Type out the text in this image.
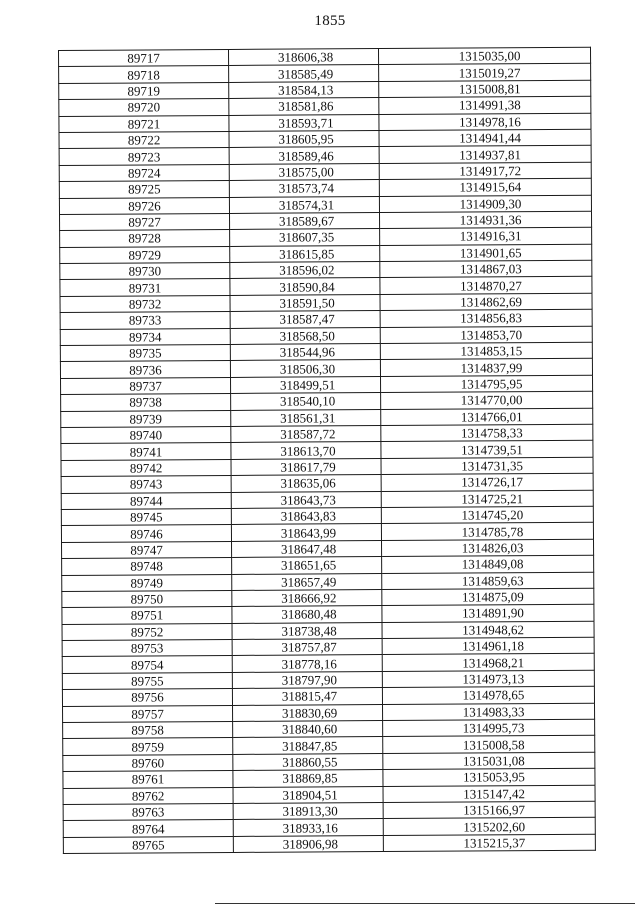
1855
89717	318606,38	1315035,00
89718	318585,49	1315019,27
89719	318584,13	1315008,81
89720	318581,86	1314991,38
89721	318593,71	1314978,16
89722	318605,95	1314941,44
89723	318589,46	1314937,81
89724	318575,00	1314917,72
89725	318573,74	1314915,64
89726	318574,31	1314909,30
89727	318589,67	1314931,36
89728	318607,35	1314916,31
89729	318615,85	1314901,65
89730	318596,02	1314867,03
89731	318590,84	1314870,27
89732	318591,50	1314862,69
89733	318587,47	1314856,83
89734	318568,50	1314853,70
89735	318544,96	1314853,15
89736	318506,30	1314837,99
89737	318499,51	1314795,95
89738	318540,10	1314770,00
89739	318561,31	1314766,01
89740	318587,72	1314758,33
89741	318613,70	1314739,51
89742	318617,79	1314731,35
89743	318635,06	1314726,17
89744	318643,73	1314725,21
89745	318643,83	1314745,20
89746	318643,99	1314785,78
89747	318647,48	1314826,03
89748	318651,65	1314849,08
89749	318657,49	1314859,63
89750	318666,92	1314875,09
89751	318680,48	1314891,90
89752	318738,48	1314948,62
89753	318757,87	1314961,18
89754	318778,16	1314968,21
89755	318797,90	1314973,13
89756	318815,47	1314978,65
89757	318830,69	1314983,33
89758	318840,60	1314995,73
89759	318847,85	1315008,58
89760	318860,55	1315031,08
89761	318869,85	1315053,95
89762	318904,51	1315147,42
89763	318913,30	1315166,97
89764	318933,16	1315202,60
89765	318906,98	1315215,37
